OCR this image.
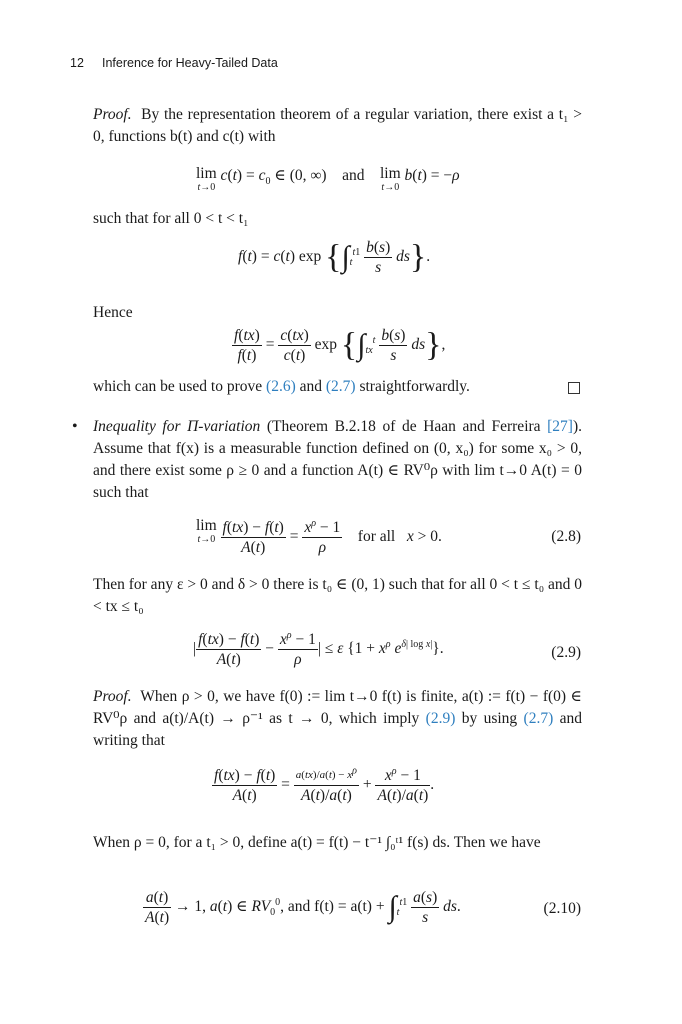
12 Inference for Heavy-Tailed Data
Proof. By the representation theorem of a regular variation, there exist a t₁ > 0, functions b(t) and c(t) with
lim
t→0
$c(t) = c_0$ ∈ (0, ∞)    and lim
t→0
b(t) = −ρ
such that for all 0 < t < t₁
f(t) = c(t) $\exp \{\int_t^{t1} \frac{b(s)}{s} ds\}$.
Hence
$\frac{f(tx)}{f(t)} = \frac{c(tx)}{c(t)}$ $\exp \{\int_{tx}^t \frac{b(s)}{s} ds\}$,
which can be used to prove (2.6) and (2.7) straightforwardly.
• Inequality for Π-variation (Theorem B.2.18 of de Haan and Ferreira [27]). Assume that f(x) is a measurable function defined on (0, x₀) for some x₀ > 0, and there exist some ρ ≥ 0 and a function A(t) ∈ RV⁰ρ with lim t→0 A(t) = 0 such that
lim
t→0
$\frac{f(tx) - f(t)}{A(t)} = \frac{x^\rho - 1}{\rho}$ for all x > 0.	(2.8)
Then for any ε > 0 and δ > 0 there is t₀ ∈ (0, 1) such that for all 0 < t ≤ t₀ and 0 < tx ≤ t₀
| $\frac{f(tx) - f(t)}{A(t)} - \frac{x^\rho - 1}{\rho}$ | ≤ ε {$1 + x^\rho$ $e^{\delta| log x|}$}.	(2.9)
Proof. When ρ > 0, we have f(0) := lim t→0 f(t) is finite, a(t) := f(t) − f(0) ∈ RV⁰ρ and a(t)/A(t) → ρ⁻¹ as t → 0, which imply (2.9) by using (2.7) and writing that
$\frac{f(tx) - f(t)}{A(t)} = \frac{a(tx)/a(t) - x^\rho}{A(t)/a(t)} + \frac{x^\rho - 1}{A(t)/a(t)}$ .
When ρ = 0, for a t₁ > 0, define a(t) = f(t) − t⁻¹ ∫₀ᵗ¹ f(s) ds. Then we have
$\frac{a(t)}{A(t)} \to 1$, a(t) ∈ $RV_0^0$, and $f(t) = a(t) + \int_t^{t1} \frac{a(s)}{s}$ ds.	(2.10)
